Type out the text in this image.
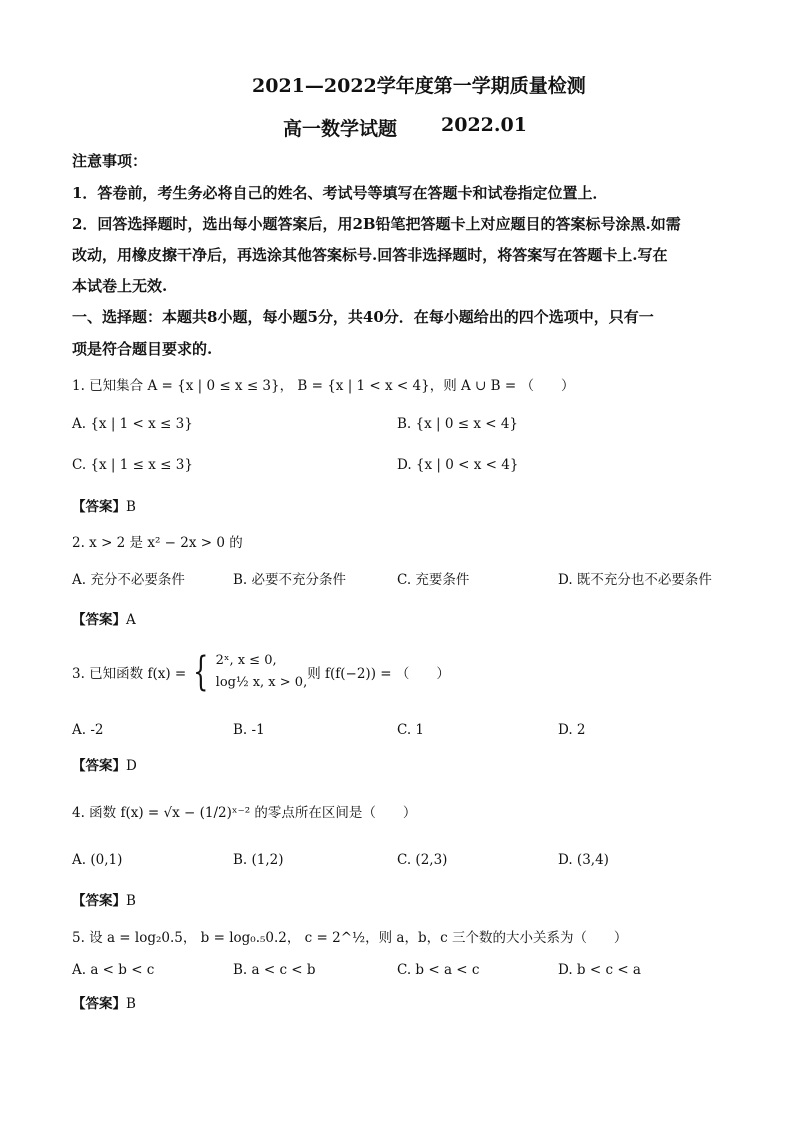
2021—2022学年度第一学期质量检测
高一数学试题 2022.01
注意事项：
1．答卷前，考生务必将自己的姓名、考试号等填写在答题卡和试卷指定位置上．
2．回答选择题时，选出每小题答案后，用2B铅笔把答题卡上对应题目的答案标号涂黑.如需
改动，用橡皮擦干净后，再选涂其他答案标号.回答非选择题时，将答案写在答题卡上.写在
本试卷上无效.
一、选择题：本题共8小题，每小题5分，共40分．在每小题给出的四个选项中，只有一
项是符合题目要求的.
1. 已知集合 A = {x | 0 ≤ x ≤ 3}， B = {x | 1 < x < 4}，则 A ∪ B = （　　）
A. {x | 1 < x ≤ 3}	B. {x | 0 ≤ x < 4}
C. {x | 1 ≤ x ≤ 3}	D. {x | 0 < x < 4}
【答案】B
2. x > 2 是 x² − 2x > 0 的
A. 充分不必要条件	B. 必要不充分条件	C. 充要条件	D. 既不充分也不必要条件
【答案】A
3. 已知函数 f(x) = { 2ˣ, x ≤ 0,
log½ x, x > 0,
则 f(f(−2)) = （　　）
A. -2	B. -1	C. 1	D. 2
【答案】D
4. 函数 f(x) = √x − (1/2)ˣ⁻² 的零点所在区间是（　　）
A. (0,1)	B. (1,2)	C. (2,3)	D. (3,4)
【答案】B
5. 设 a = log₂0.5， b = log₀.₅0.2， c = 2^½，则 a，b，c 三个数的大小关系为（　　）
A. a < b < c	B. a < c < b	C. b < a < c	D. b < c < a
【答案】B
